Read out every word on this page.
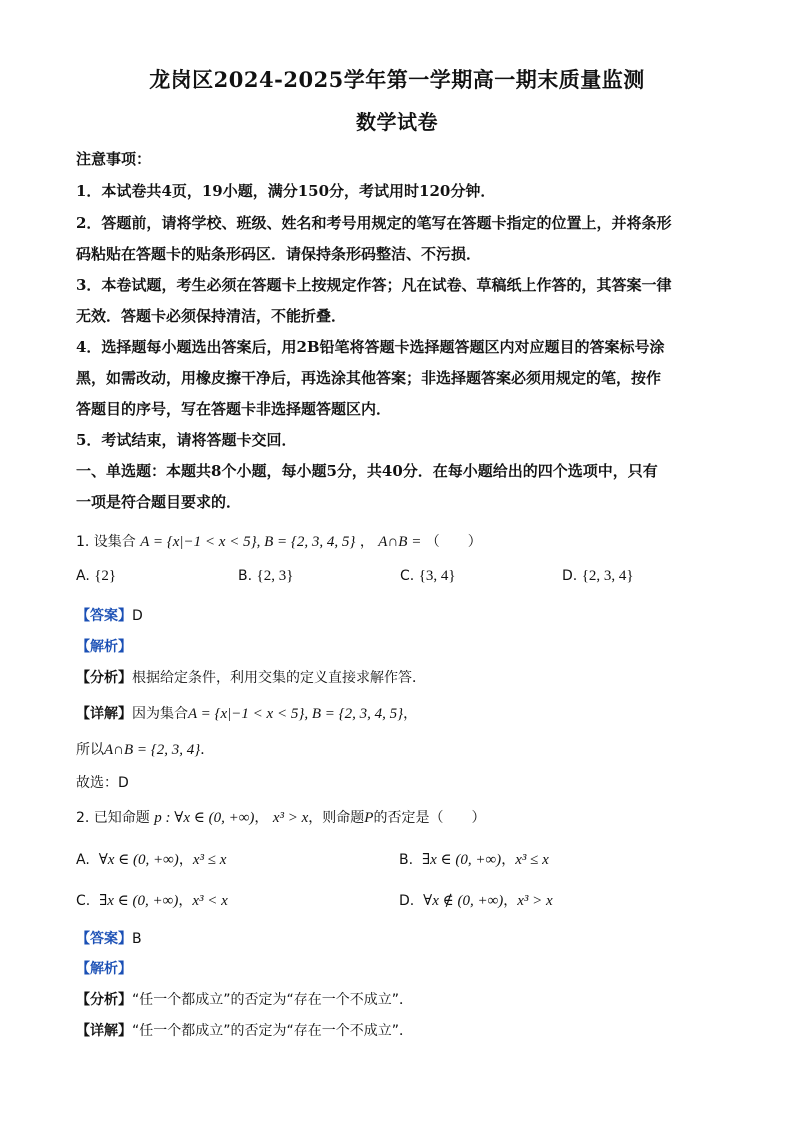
龙岗区2024-2025学年第一学期高一期末质量监测
数学试卷
注意事项：
1．本试卷共4页，19小题，满分150分，考试用时120分钟．
2．答题前，请将学校、班级、姓名和考号用规定的笔写在答题卡指定的位置上，并将条形
码粘贴在答题卡的贴条形码区．请保持条形码整洁、不污损．
3．本卷试题，考生必须在答题卡上按规定作答；凡在试卷、草稿纸上作答的，其答案一律
无效．答题卡必须保持清洁，不能折叠．
4．选择题每小题选出答案后，用2B铅笔将答题卡选择题答题区内对应题目的答案标号涂
黑，如需改动，用橡皮擦干净后，再选涂其他答案；非选择题答案必须用规定的笔，按作
答题目的序号，写在答题卡非选择题答题区内．
5．考试结束，请将答题卡交回．
一、单选题：本题共8个小题，每小题5分，共40分．在每小题给出的四个选项中，只有
一项是符合题目要求的．
1. 设集合 A = {x|−1 < x < 5}, B = {2, 3, 4, 5} ， A∩B = （　　）
A. {2}	B. {2, 3}	C. {3, 4}	D. {2, 3, 4}
【答案】D
【解析】
【分析】根据给定条件，利用交集的定义直接求解作答．
【详解】因为集合A = {x|−1 < x < 5}, B = {2, 3, 4, 5}，
所以A∩B = {2, 3, 4}．
故选：D
2. 已知命题 p : ∀x ∈ (0, +∞)， x³ > x，则命题P的否定是（　　）
A. ∀x ∈ (0, +∞)，x³ ≤ x	B. ∃x ∈ (0, +∞)，x³ ≤ x
C. ∃x ∈ (0, +∞)，x³ < x	D. ∀x ∉ (0, +∞)，x³ > x
【答案】B
【解析】
【分析】“任一个都成立”的否定为“存在一个不成立”．
【详解】“任一个都成立”的否定为“存在一个不成立”．
